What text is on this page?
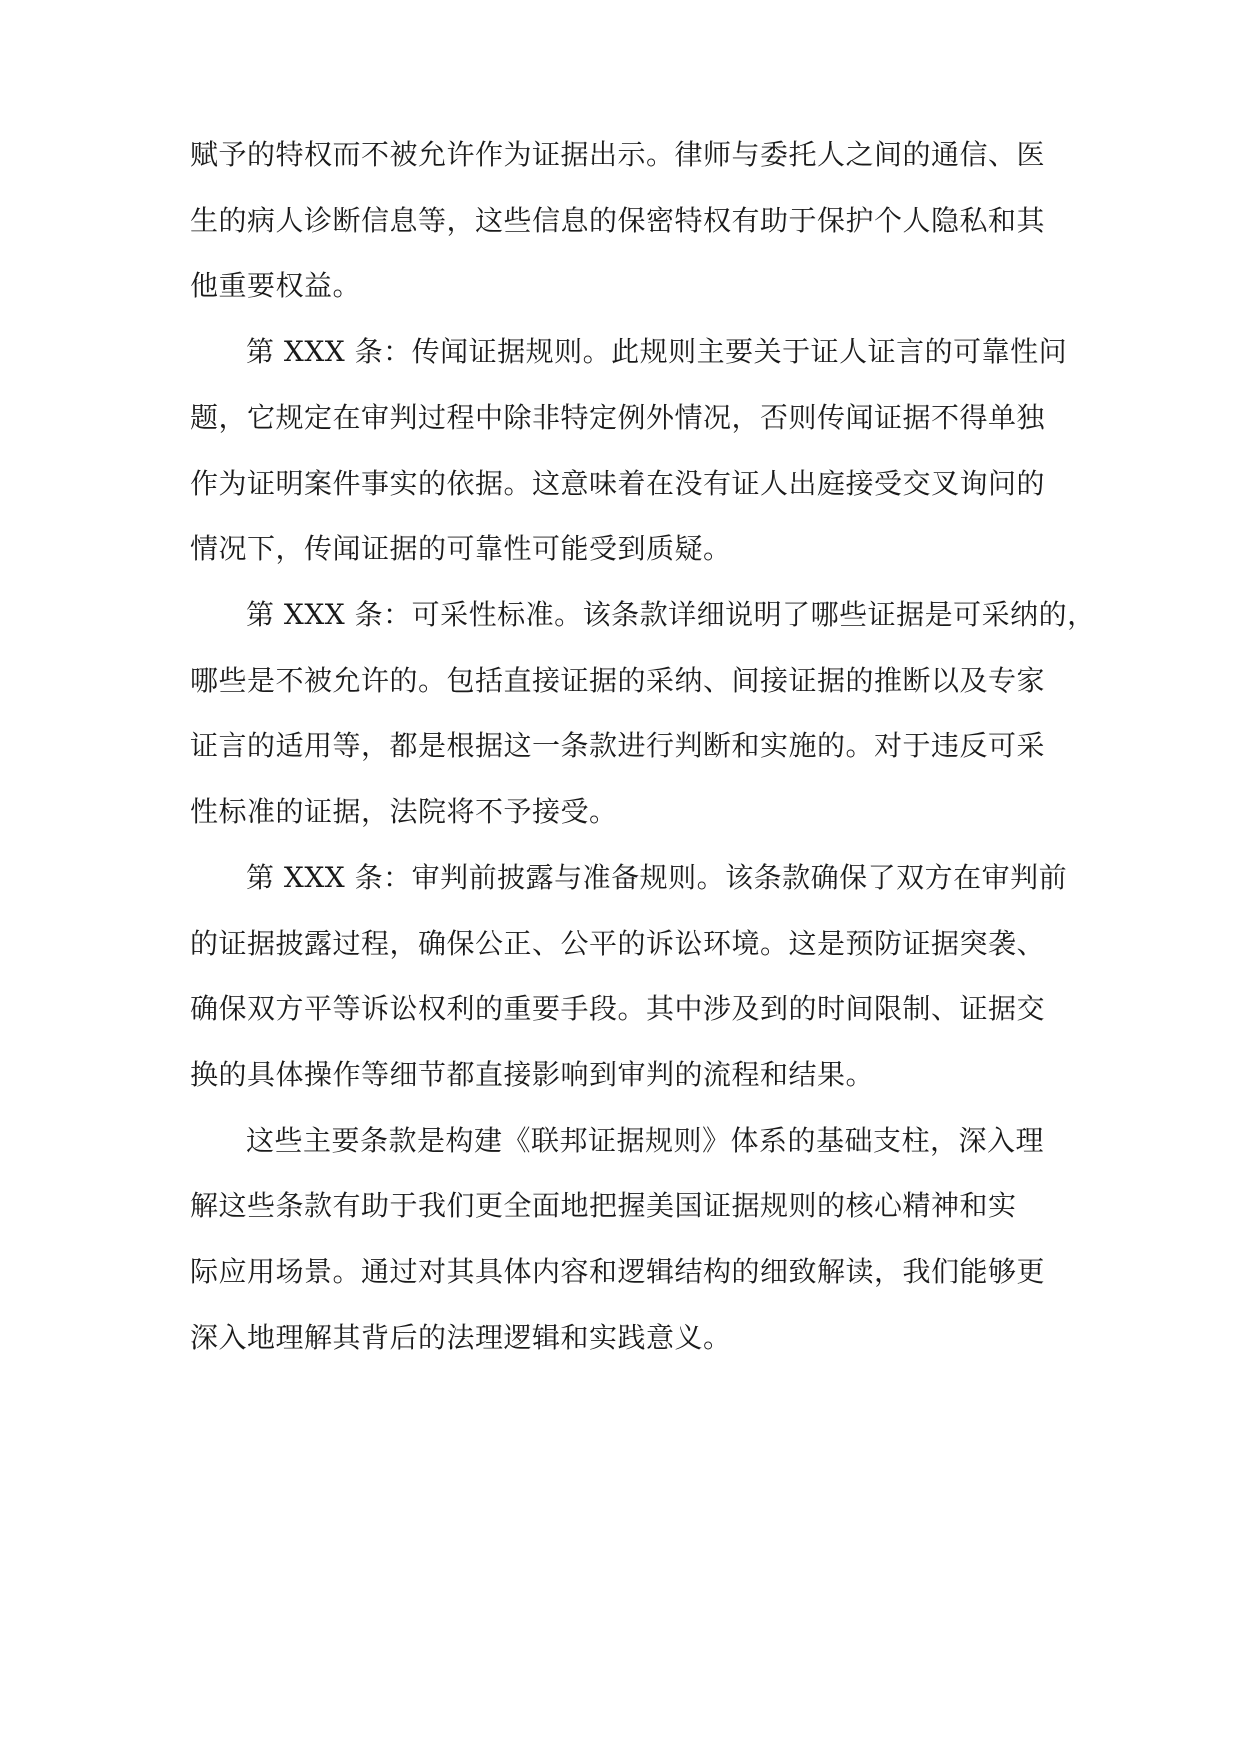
赋予的特权而不被允许作为证据出示。律师与委托人之间的通信、医
生的病人诊断信息等，这些信息的保密特权有助于保护个人隐私和其
他重要权益。
第 XXX 条：传闻证据规则。此规则主要关于证人证言的可靠性问
题，它规定在审判过程中除非特定例外情况，否则传闻证据不得单独
作为证明案件事实的依据。这意味着在没有证人出庭接受交叉询问的
情况下，传闻证据的可靠性可能受到质疑。
第 XXX 条：可采性标准。该条款详细说明了哪些证据是可采纳的，
哪些是不被允许的。包括直接证据的采纳、间接证据的推断以及专家
证言的适用等，都是根据这一条款进行判断和实施的。对于违反可采
性标准的证据，法院将不予接受。
第 XXX 条：审判前披露与准备规则。该条款确保了双方在审判前
的证据披露过程，确保公正、公平的诉讼环境。这是预防证据突袭、
确保双方平等诉讼权利的重要手段。其中涉及到的时间限制、证据交
换的具体操作等细节都直接影响到审判的流程和结果。
这些主要条款是构建《联邦证据规则》体系的基础支柱，深入理
解这些条款有助于我们更全面地把握美国证据规则的核心精神和实
际应用场景。通过对其具体内容和逻辑结构的细致解读，我们能够更
深入地理解其背后的法理逻辑和实践意义。
